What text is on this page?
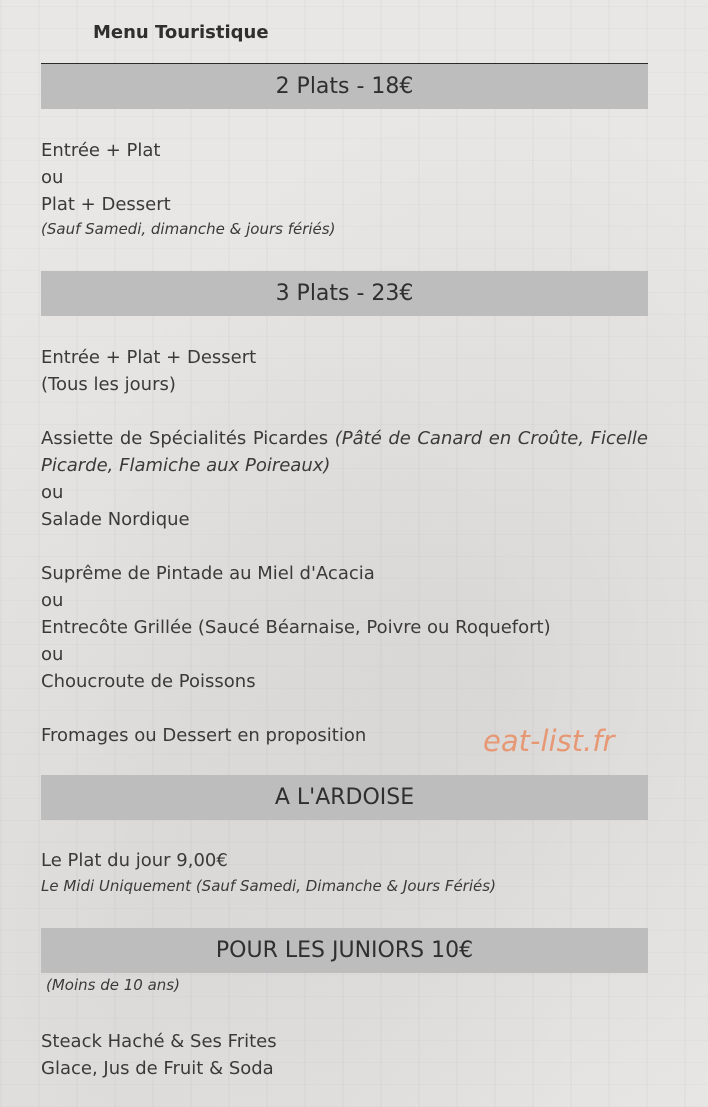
Menu Touristique
2 Plats - 18€
Entrée + Plat
ou
Plat + Dessert
(Sauf Samedi, dimanche & jours fériés)
3 Plats - 23€
Entrée + Plat + Dessert
(Tous les jours)
Assiette de Spécialités Picardes (Pâté de Canard en Croûte, Ficelle Picarde, Flamiche aux Poireaux)
ou
Salade Nordique
Suprême de Pintade au Miel d'Acacia
ou
Entrecôte Grillée (Saucé Béarnaise, Poivre ou Roquefort)
ou
Choucroute de Poissons
Fromages ou Dessert en proposition	eat-list.fr
A L'ARDOISE
Le Plat du jour 9,00€
Le Midi Uniquement (Sauf Samedi, Dimanche & Jours Fériés)
POUR LES JUNIORS 10€
(Moins de 10 ans)
Steack Haché & Ses Frites
Glace, Jus de Fruit & Soda
